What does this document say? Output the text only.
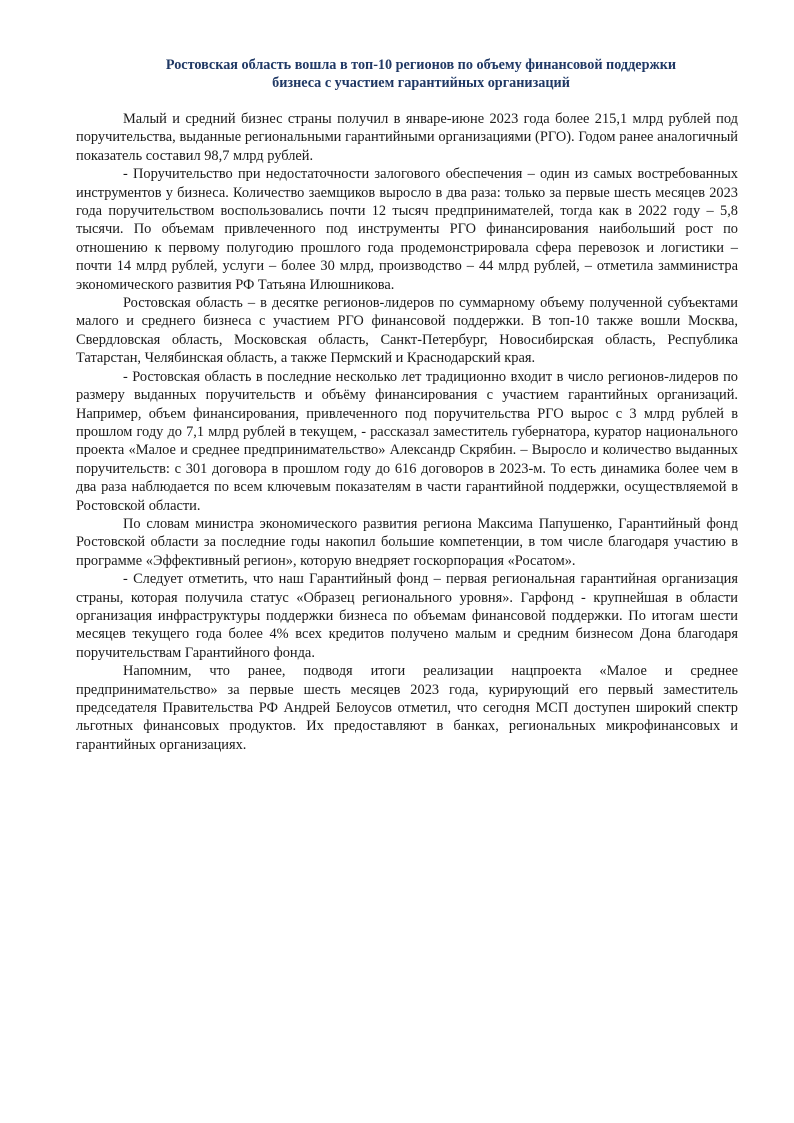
Ростовская область вошла в топ-10 регионов по объему финансовой поддержки
бизнеса с участием гарантийных организаций

Малый и средний бизнес страны получил в январе-июне 2023 года более 215,1 млрд рублей под поручительства, выданные региональными гарантийными организациями (РГО). Годом ранее аналогичный показатель составил 98,7 млрд рублей.

- Поручительство при недостаточности залогового обеспечения – один из самых востребованных инструментов у бизнеса. Количество заемщиков выросло в два раза: только за первые шесть месяцев 2023 года поручительством воспользовались почти 12 тысяч предпринимателей, тогда как в 2022 году – 5,8 тысячи. По объемам привлеченного под инструменты РГО финансирования наибольший рост по отношению к первому полугодию прошлого года продемонстрировала сфера перевозок и логистики – почти 14 млрд рублей, услуги – более 30 млрд, производство – 44 млрд рублей, – отметила замминистра экономического развития РФ Татьяна Илюшникова.

Ростовская область – в десятке регионов-лидеров по суммарному объему полученной субъектами малого и среднего бизнеса с участием РГО финансовой поддержки. В топ-10 также вошли Москва, Свердловская область, Московская область, Санкт-Петербург, Новосибирская область, Республика Татарстан, Челябинская область, а также Пермский и Краснодарский края.

- Ростовская область в последние несколько лет традиционно входит в число регионов-лидеров по размеру выданных поручительств и объёму финансирования с участием гарантийных организаций. Например, объем финансирования, привлеченного под поручительства РГО вырос с 3 млрд рублей в прошлом году до 7,1 млрд рублей в текущем, - рассказал заместитель губернатора, куратор национального проекта «Малое и среднее предпринимательство» Александр Скрябин. – Выросло и количество выданных поручительств: с 301 договора в прошлом году до 616 договоров в 2023-м. То есть динамика более чем в два раза наблюдается по всем ключевым показателям в части гарантийной поддержки, осуществляемой в Ростовской области.

По словам министра экономического развития региона Максима Папушенко, Гарантийный фонд Ростовской области за последние годы накопил большие компетенции, в том числе благодаря участию в программе «Эффективный регион», которую внедряет госкорпорация «Росатом».

- Следует отметить, что наш Гарантийный фонд – первая региональная гарантийная организация страны, которая получила статус «Образец регионального уровня». Гарфонд - крупнейшая в области организация инфраструктуры поддержки бизнеса по объемам финансовой поддержки. По итогам шести месяцев текущего года более 4% всех кредитов получено малым и средним бизнесом Дона благодаря поручительствам Гарантийного фонда.

Напомним, что ранее, подводя итоги реализации нацпроекта «Малое и среднее предпринимательство» за первые шесть месяцев 2023 года, курирующий его первый заместитель председателя Правительства РФ Андрей Белоусов отметил, что сегодня МСП доступен широкий спектр льготных финансовых продуктов. Их предоставляют в банках, региональных микрофинансовых и гарантийных организациях.
